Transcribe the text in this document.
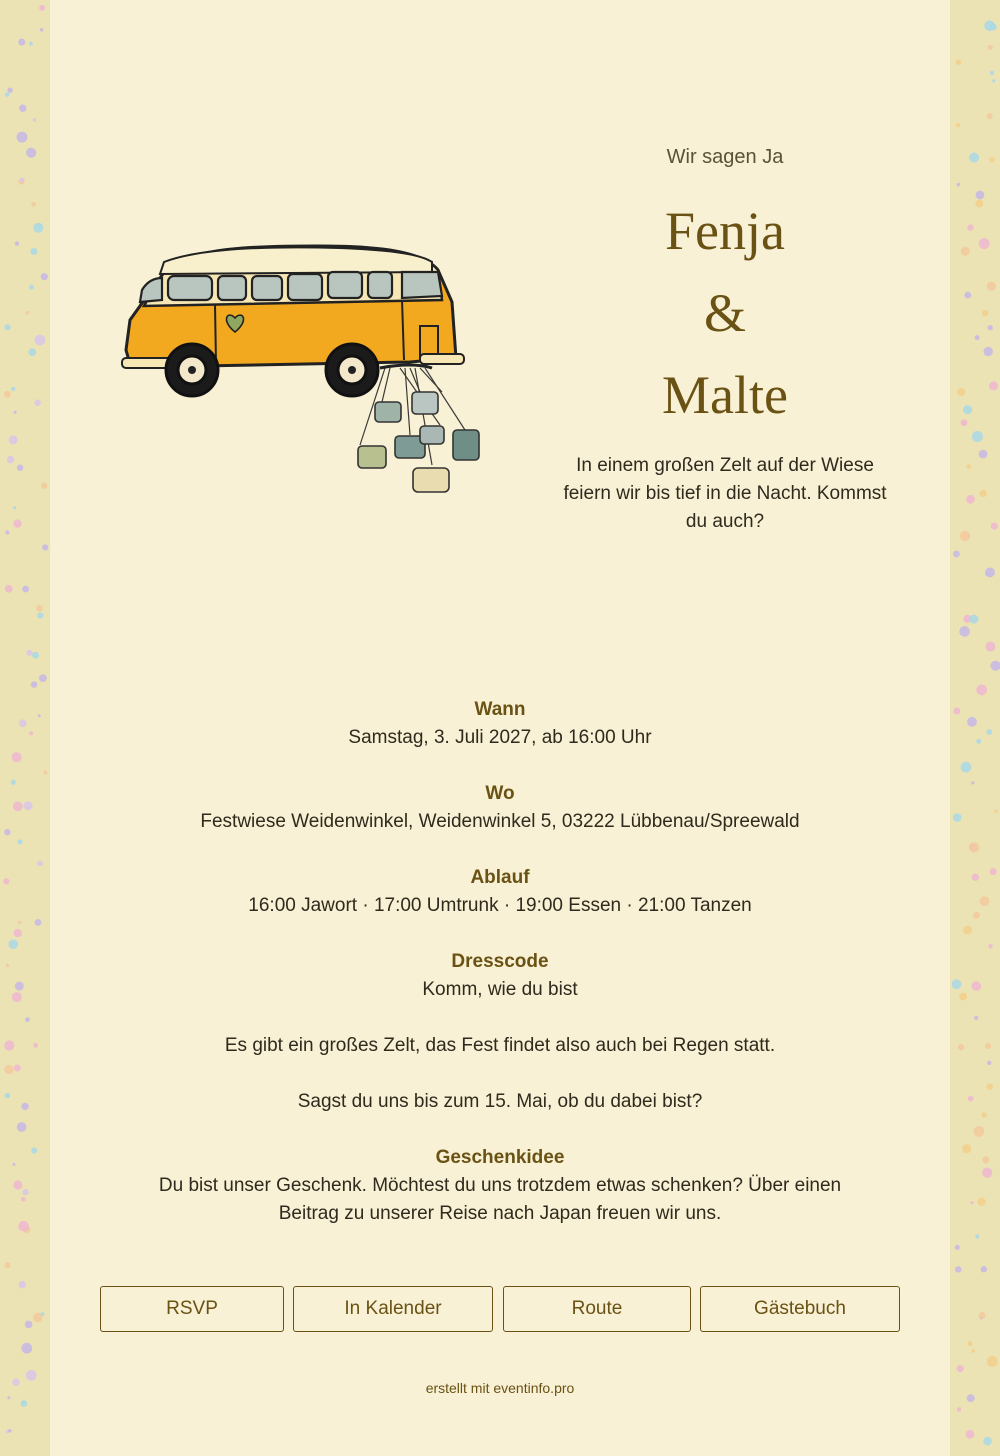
Wir sagen Ja
Fenja
&
Malte
In einem großen Zelt auf der Wiese feiern wir bis tief in die Nacht. Kommst du auch?
Wann
Samstag, 3. Juli 2027, ab 16:00 Uhr
Wo
Festwiese Weidenwinkel, Weidenwinkel 5, 03222 Lübbenau/Spreewald
Ablauf
16:00 Jawort · 17:00 Umtrunk · 19:00 Essen · 21:00 Tanzen
Dresscode
Komm, wie du bist
Es gibt ein großes Zelt, das Fest findet also auch bei Regen statt.
Sagst du uns bis zum 15. Mai, ob du dabei bist?
Geschenkidee
Du bist unser Geschenk. Möchtest du uns trotzdem etwas schenken? Über einen Beitrag zu unserer Reise nach Japan freuen wir uns.
RSVP	In Kalender	Route	Gästebuch
erstellt mit eventinfo.pro
